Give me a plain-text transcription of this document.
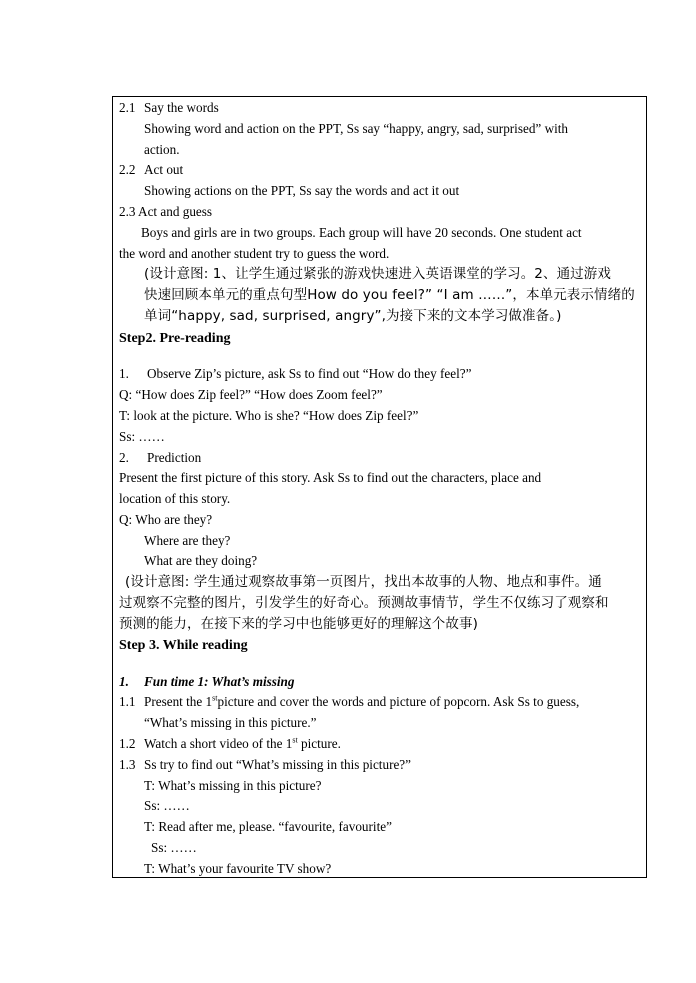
2.1 Say the words
Showing word and action on the PPT, Ss say “happy, angry, sad, surprised” with
action.
2.2 Act out
Showing actions on the PPT, Ss say the words and act it out
2.3 Act and guess
Boys and girls are in two groups. Each group will have 20 seconds. One student act
the word and another student try to guess the word.
(设计意图: 1、让学生通过紧张的游戏快速进入英语课堂的学习。2、通过游戏
快速回顾本单元的重点句型How do you feel?” “I am ……”，本单元表示情绪的
单词“happy, sad, surprised, angry”,为接下来的文本学习做准备。)
Step2. Pre-reading
1. Observe Zip’s picture, ask Ss to find out “How do they feel?”
Q: “How does Zip feel?” “How does Zoom feel?”
T: look at the picture. Who is she? “How does Zip feel?”
Ss: ……
2. Prediction
Present the first picture of this story. Ask Ss to find out the characters, place and
location of this story.
Q: Who are they?
Where are they?
What are they doing?
(设计意图: 学生通过观察故事第一页图片，找出本故事的人物、地点和事件。通
过观察不完整的图片，引发学生的好奇心。预测故事情节，学生不仅练习了观察和
预测的能力，在接下来的学习中也能够更好的理解这个故事)
Step 3. While reading
1. Fun time 1: What’s missing
1.1 Present the 1stpicture and cover the words and picture of popcorn. Ask Ss to guess,
“What’s missing in this picture.”
1.2 Watch a short video of the 1st picture.
1.3 Ss try to find out “What’s missing in this picture?”
T: What’s missing in this picture?
Ss: ……
T: Read after me, please. “favourite, favourite”
Ss: ……
T: What’s your favourite TV show?
